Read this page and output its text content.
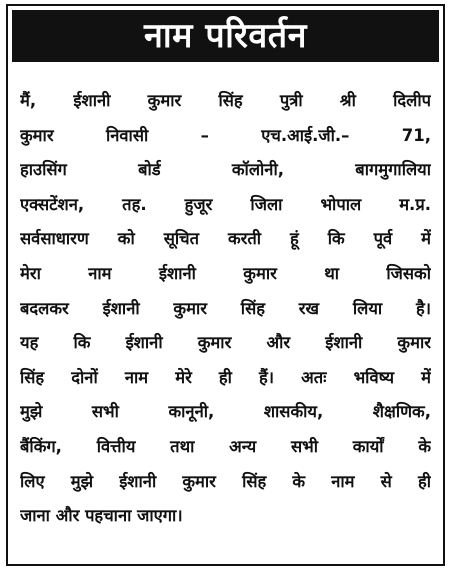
नाम परिवर्तन
मैं, ईशानी कुमार सिंह पुत्री श्री दिलीप
कुमार निवासी – एच.आई.जी.– 71,
हाउसिंग बोर्ड कॉलोनी, बागमुगालिया
एक्सटेंशन, तह. हुजूर जिला भोपाल म.प्र.
सर्वसाधारण को सूचित करती हूं कि पूर्व में
मेरा नाम ईशानी कुमार था जिसको
बदलकर ईशानी कुमार सिंह रख लिया है।
यह कि ईशानी कुमार और ईशानी कुमार
सिंह दोनों नाम मेरे ही हैं। अतः भविष्य में
मुझे सभी कानूनी, शासकीय, शैक्षणिक,
बैंकिंग, वित्तीय तथा अन्य सभी कार्यों के
लिए मुझे ईशानी कुमार सिंह के नाम से ही
जाना और पहचाना जाएगा।
